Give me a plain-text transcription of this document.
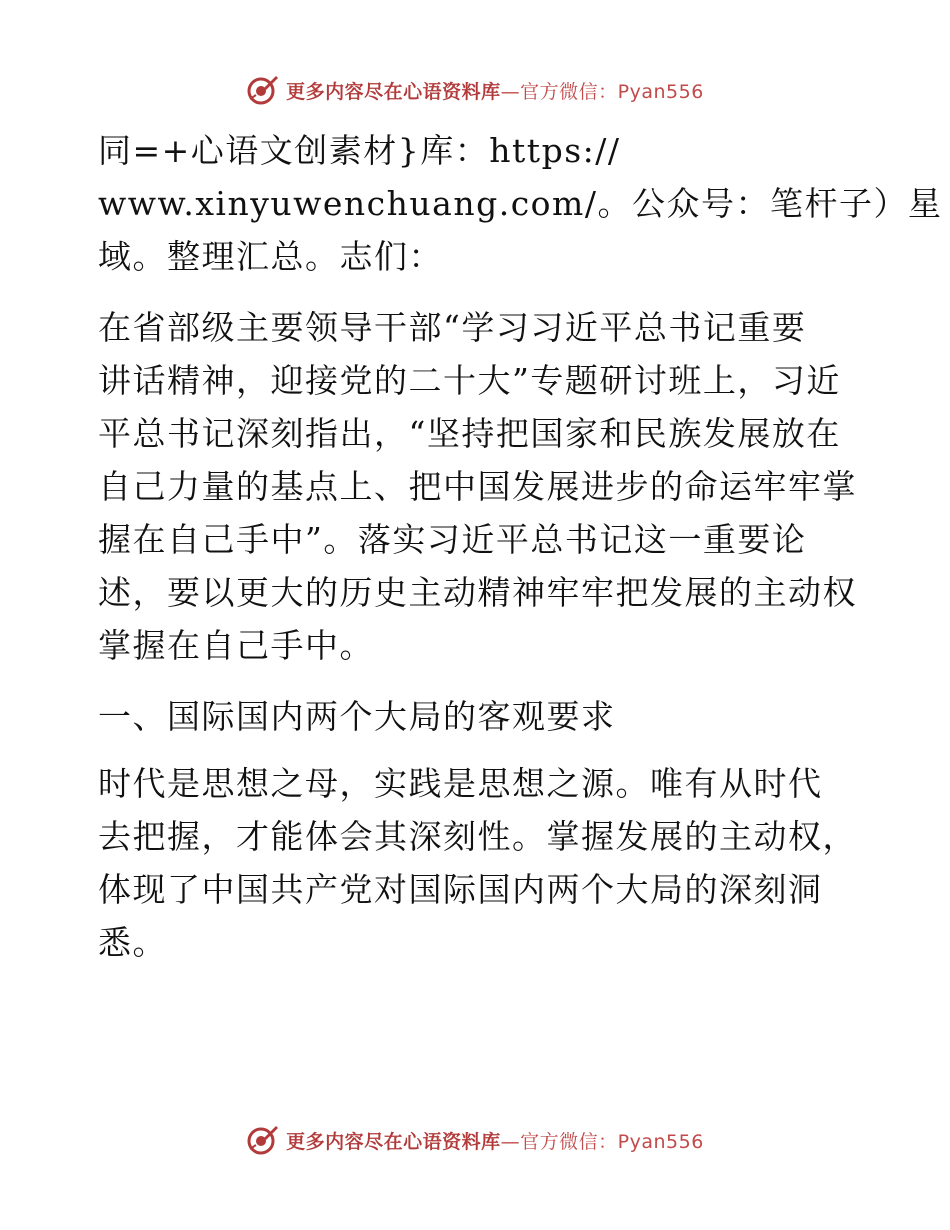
更多内容尽在心语资料库—官方微信：Pyan556
同=+心语文创素材}库：https://
www.xinyuwenchuang.com/。公众号：笔杆子）星
域。整理汇总。志们：
在省部级主要领导干部“学习习近平总书记重要
讲话精神，迎接党的二十大”专题研讨班上，习近
平总书记深刻指出，“坚持把国家和民族发展放在
自己力量的基点上、把中国发展进步的命运牢牢掌
握在自己手中”。落实习近平总书记这一重要论
述，要以更大的历史主动精神牢牢把发展的主动权
掌握在自己手中。
一、国际国内两个大局的客观要求
时代是思想之母，实践是思想之源。唯有从时代
去把握，才能体会其深刻性。掌握发展的主动权，
体现了中国共产党对国际国内两个大局的深刻洞
悉。
更多内容尽在心语资料库—官方微信：Pyan556
